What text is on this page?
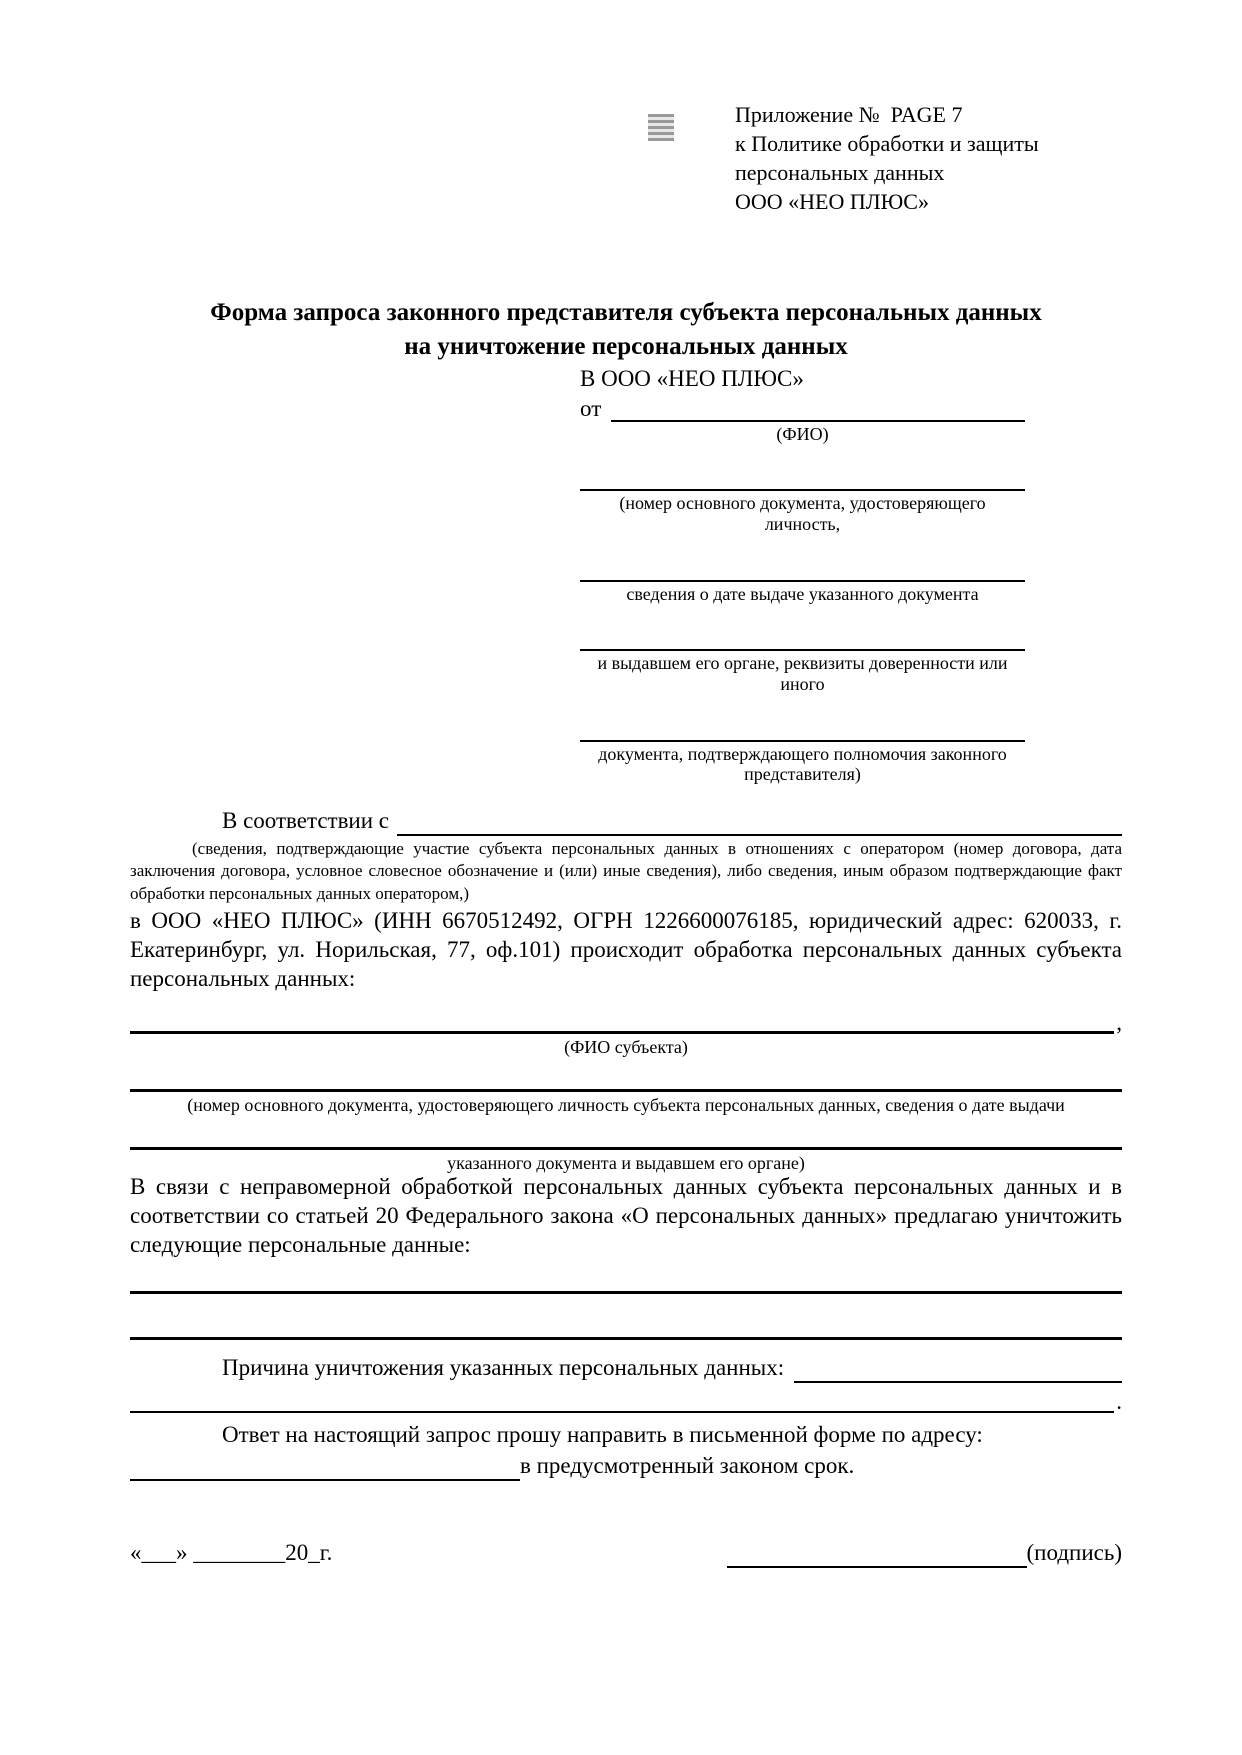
Приложение №  PAGE 7
к Политике обработки и защиты
персональных данных
ООО «НЕО ПЛЮС»
Форма запроса законного представителя субъекта персональных данных
на уничтожение персональных данных
В ООО «НЕО ПЛЮС»
от
(ФИО)
(номер основного документа, удостоверяющего личность,
сведения о дате выдаче указанного документа
и выдавшем его органе, реквизиты доверенности или иного
документа, подтверждающего полномочия законного представителя)
В соответствии с
(сведения, подтверждающие участие субъекта персональных данных в отношениях с оператором (номер договора, дата заключения договора, условное словесное обозначение и (или) иные сведения), либо сведения, иным образом подтверждающие факт обработки персональных данных оператором,)
в ООО «НЕО ПЛЮС» (ИНН 6670512492, ОГРН 1226600076185, юридический адрес: 620033, г. Екатеринбург, ул. Норильская, 77, оф.101) происходит обработка персональных данных субъекта персональных данных:
,
(ФИО субъекта)
(номер основного документа, удостоверяющего личность субъекта персональных данных, сведения о дате выдачи
указанного документа и выдавшем его органе)
В связи с неправомерной обработкой персональных данных субъекта персональных данных и в соответствии со статьей 20 Федерального закона «О персональных данных» предлагаю уничтожить следующие персональные данные:
Причина уничтожения указанных персональных данных:
.
Ответ на настоящий запрос прошу направить в письменной форме по адресу:
в предусмотренный законом срок.
«___» ________20_г.	(подпись)
